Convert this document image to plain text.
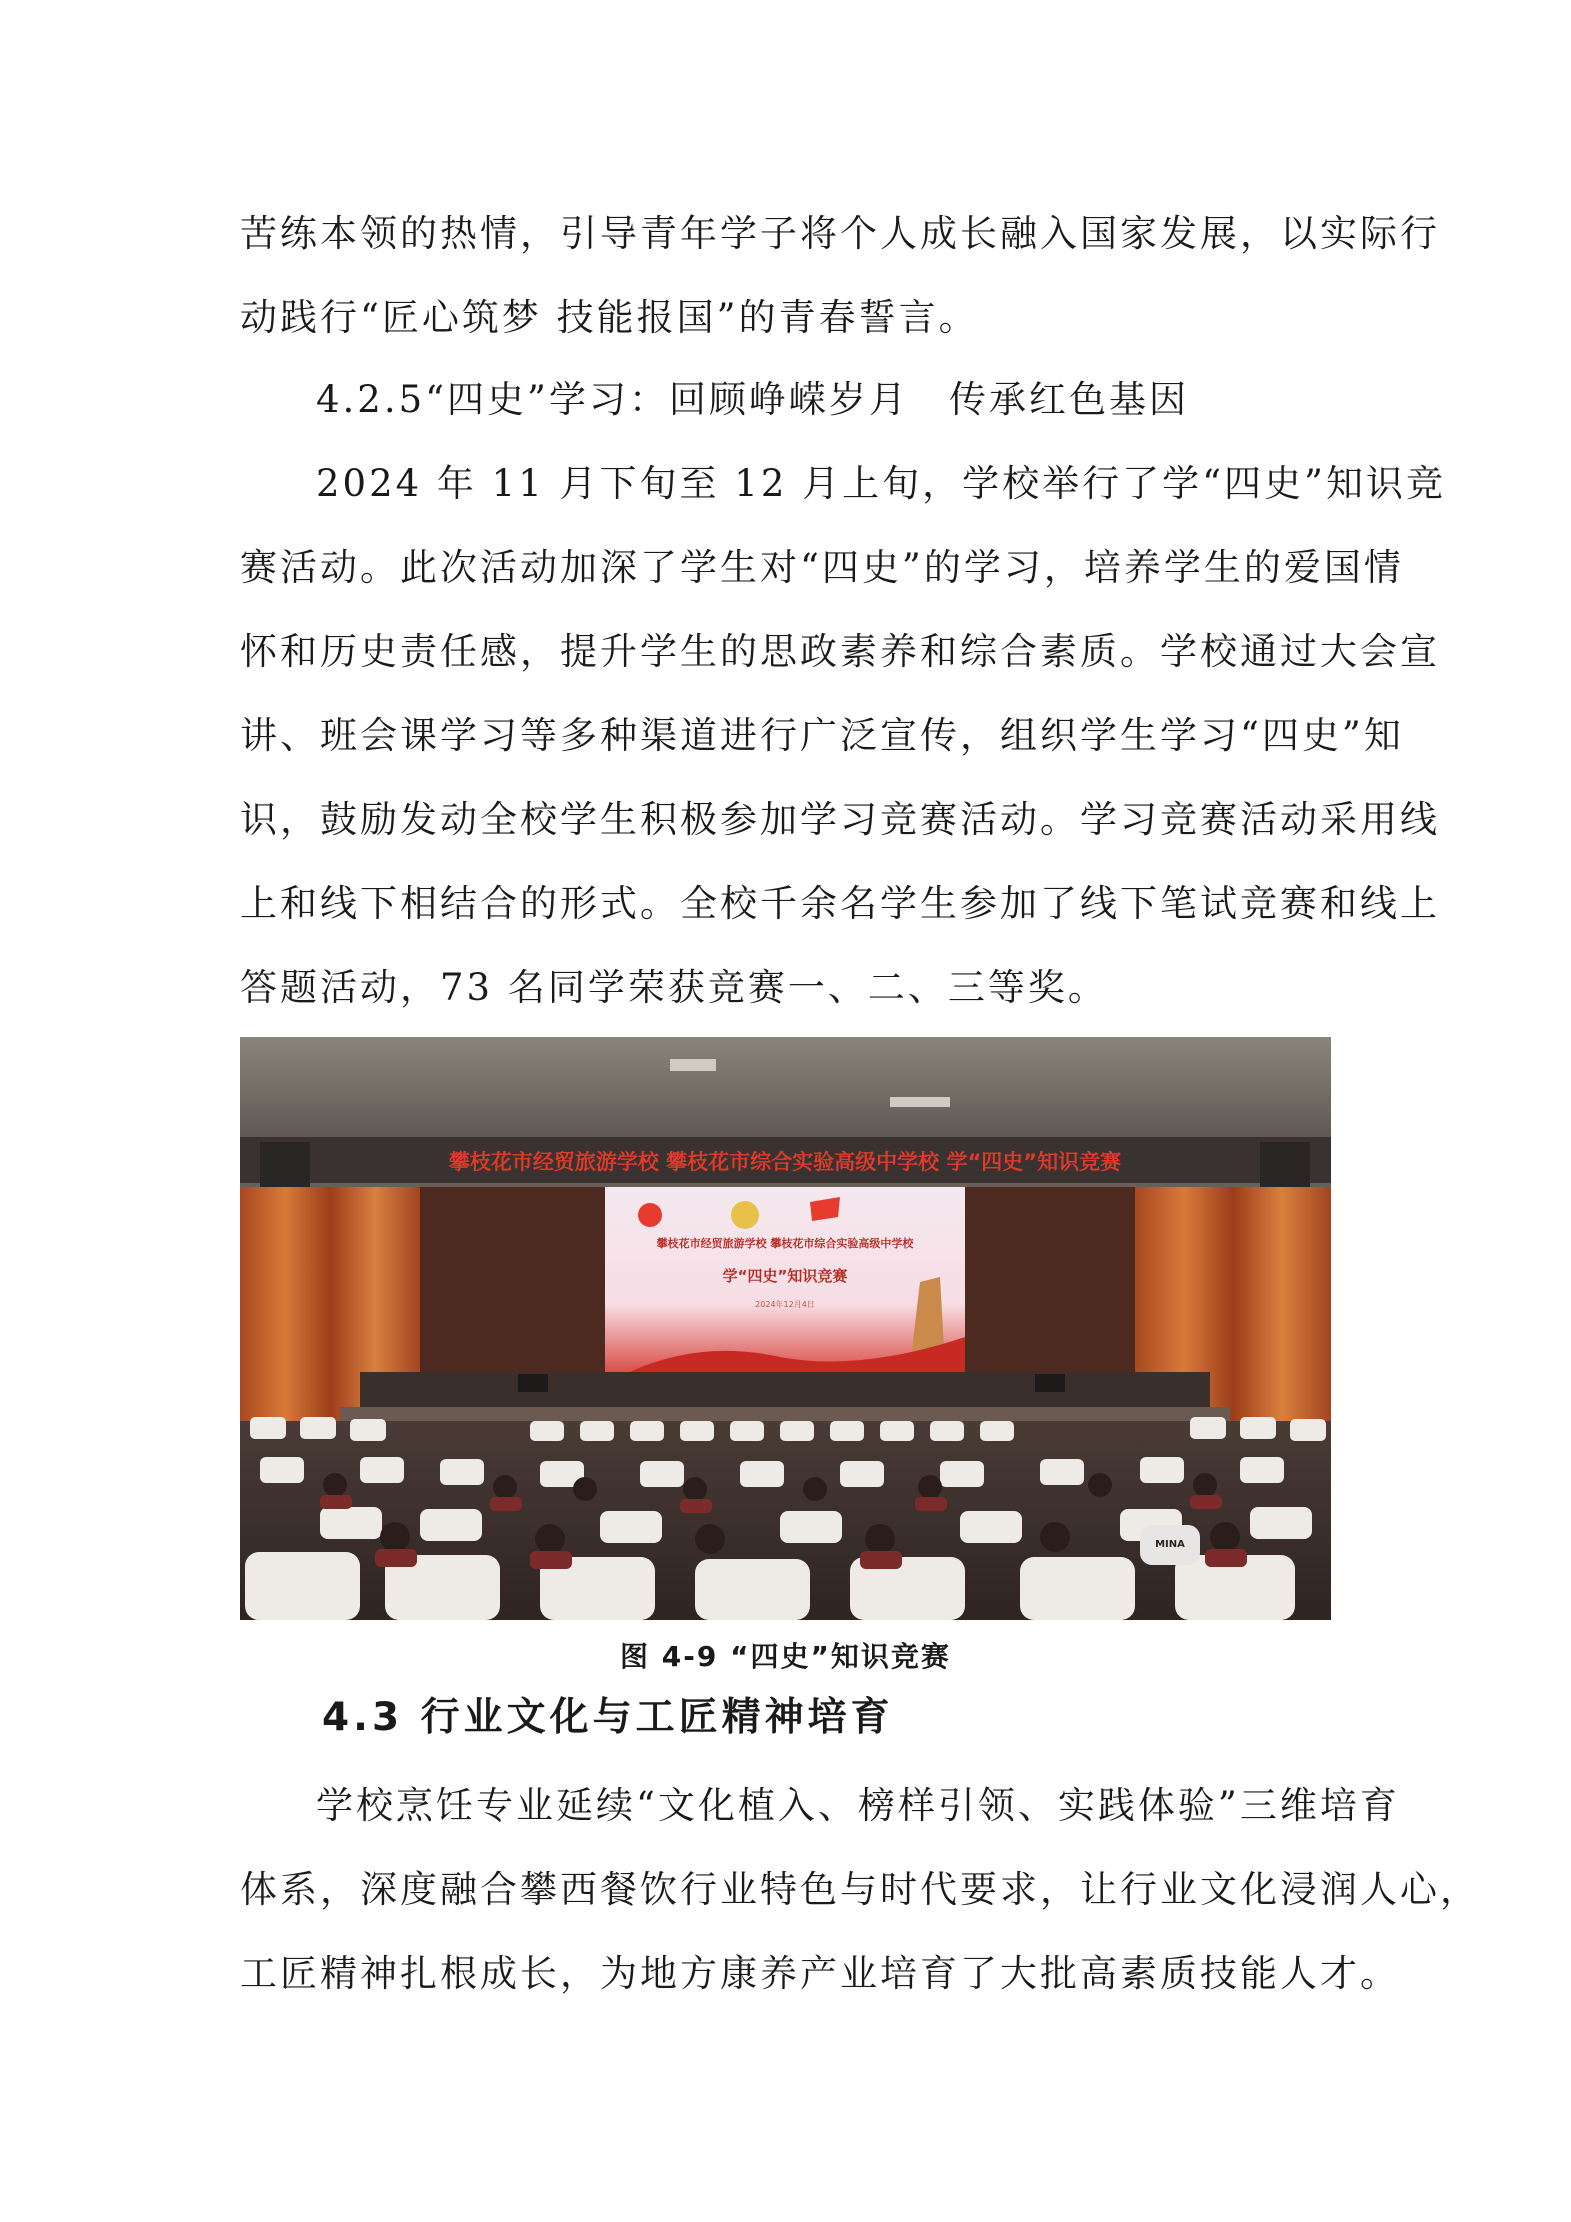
苦练本领的热情，引导青年学子将个人成长融入国家发展，以实际行
动践行“匠心筑梦 技能报国”的青春誓言。

4.2.5“四史”学习：回顾峥嵘岁月　传承红色基因

2024 年 11 月下旬至 12 月上旬，学校举行了学“四史”知识竞
赛活动。此次活动加深了学生对“四史”的学习，培养学生的爱国情
怀和历史责任感，提升学生的思政素养和综合素质。学校通过大会宣
讲、班会课学习等多种渠道进行广泛宣传，组织学生学习“四史”知
识，鼓励发动全校学生积极参加学习竞赛活动。学习竞赛活动采用线
上和线下相结合的形式。全校千余名学生参加了线下笔试竞赛和线上
答题活动，73 名同学荣获竞赛一、二、三等奖。

攀枝花市经贸旅游学校 攀枝花市综合实验高级中学校 学“四史”知识竞赛
攀枝花市经贸旅游学校 攀枝花市综合实验高级中学校
学“四史”知识竞赛
2024年12月4日
MINA
图 4-9 “四史”知识竞赛
4.3 行业文化与工匠精神培育

学校烹饪专业延续“文化植入、榜样引领、实践体验”三维培育
体系，深度融合攀西餐饮行业特色与时代要求，让行业文化浸润人心，
工匠精神扎根成长，为地方康养产业培育了大批高素质技能人才。
